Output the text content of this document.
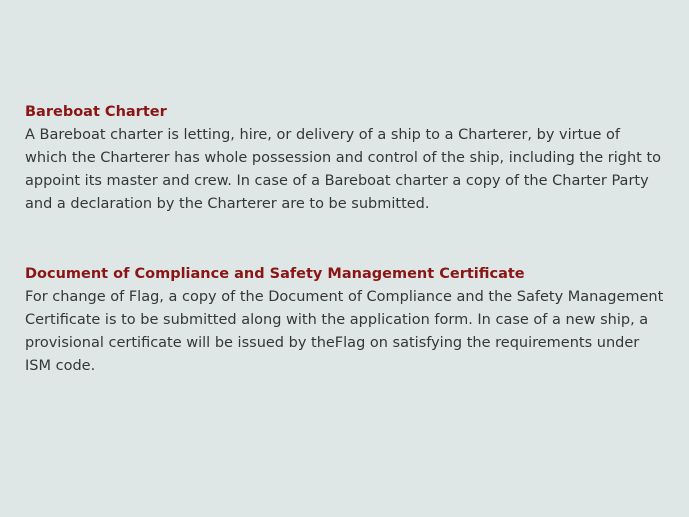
Bareboat Charter

A Bareboat charter is letting, hire, or delivery of a ship to a Charterer, by virtue of which the Charterer has whole possession and control of the ship, including the right to appoint its master and crew. In case of a Bareboat charter a copy of the Charter Party and a declaration by the Charterer are to be submitted.

Document of Compliance and Safety Management Certificate

For change of Flag, a copy of the Document of Compliance and the Safety Management Certificate is to be submitted along with the application form. In case of a new ship, a provisional certificate will be issued by theFlag on satisfying the requirements under ISM code.
